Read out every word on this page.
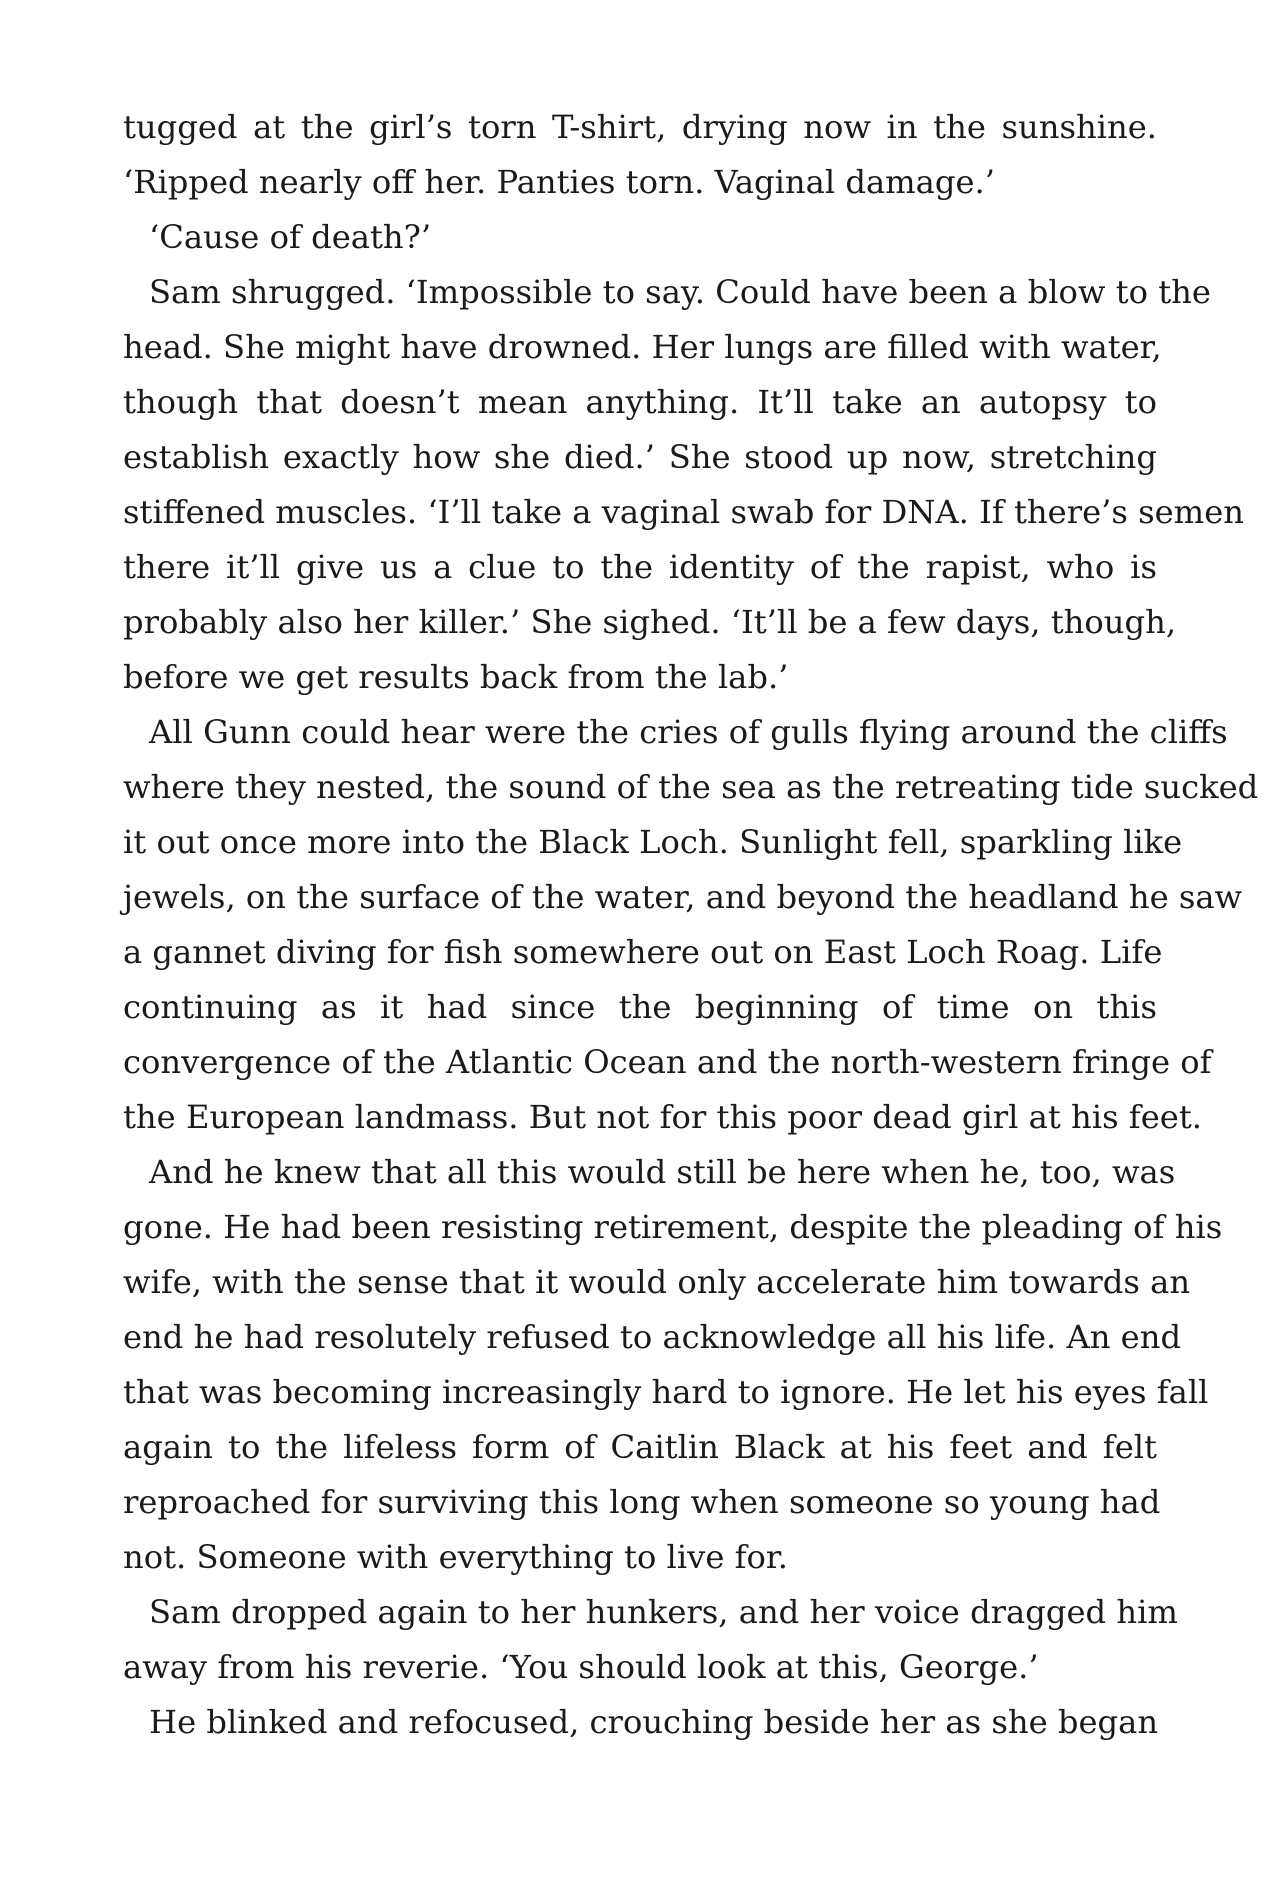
tugged at the girl’s torn T-shirt, drying now in the sunshine.
‘Ripped nearly off her. Panties torn. Vaginal damage.’
‘Cause of death?’
Sam shrugged. ‘Impossible to say. Could have been a blow to the
head. She might have drowned. Her lungs are filled with water,
though that doesn’t mean anything. It’ll take an autopsy to
establish exactly how she died.’ She stood up now, stretching
stiffened muscles. ‘I’ll take a vaginal swab for DNA. If there’s semen
there it’ll give us a clue to the identity of the rapist, who is
probably also her killer.’ She sighed. ‘It’ll be a few days, though,
before we get results back from the lab.’
All Gunn could hear were the cries of gulls flying around the cliffs
where they nested, the sound of the sea as the retreating tide sucked
it out once more into the Black Loch. Sunlight fell, sparkling like
jewels, on the surface of the water, and beyond the headland he saw
a gannet diving for fish somewhere out on East Loch Roag. Life
continuing as it had since the beginning of time on this
convergence of the Atlantic Ocean and the north-western fringe of
the European landmass. But not for this poor dead girl at his feet.
And he knew that all this would still be here when he, too, was
gone. He had been resisting retirement, despite the pleading of his
wife, with the sense that it would only accelerate him towards an
end he had resolutely refused to acknowledge all his life. An end
that was becoming increasingly hard to ignore. He let his eyes fall
again to the lifeless form of Caitlin Black at his feet and felt
reproached for surviving this long when someone so young had
not. Someone with everything to live for.
Sam dropped again to her hunkers, and her voice dragged him
away from his reverie. ‘You should look at this, George.’
He blinked and refocused, crouching beside her as she began
